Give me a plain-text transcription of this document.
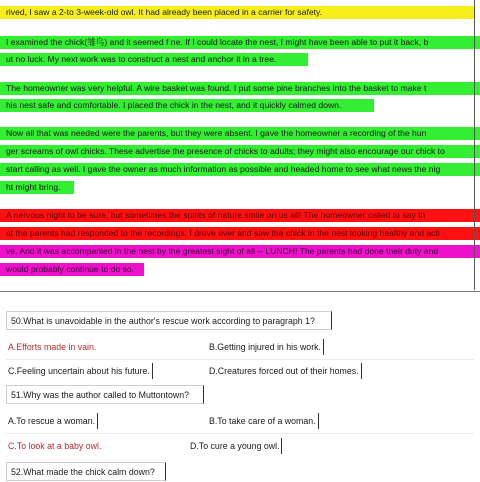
rived, I saw a 2-to 3-week-old owl. It had already been placed in a carrier for safety.
I examined the chick(雏鸟) and it seemed f ne. If I could locate the nest, I might have been able to put it back, b
ut no luck. My next work was to construct a nest and anchor it in a tree.
The homeowner was very helpful. A wire basket was found. I put some pine branches into the basket to make t
his nest safe and comfortable. I placed the chick in the nest, and it quickly calmed down.
Now all that was needed were the parents, but they were absent. I gave the homeowner a recording of the hun
ger screams of owl chicks. These advertise the presence of chicks to adults; they might also encourage our chick to
start calling as well. I gave the owner as much information as possible and headed home to see what news the nig
ht might bring.
A nervous night to be sure, but sometimes the spirits of nature smile on us all! The homeowner called to say th
at the parents had responded to the recordings. I drove over and saw the chick in the nest looking healthy and acti
ve. And it was accompanied in the nest by the greatest sight of all -- LUNCH! The parents had done their duty and
would probably continue to do so.
50.What is unavoidable in the author's rescue work according to paragraph 1?
A.Efforts made in vain.	B.Getting injured in his work.
C.Feeling uncertain about his future.	D.Creatures forced out of their homes.
51.Why was the author called to Muttontown?
A.To rescue a woman.	B.To take care of a woman.
C.To look at a baby owl.	D.To cure a young owl.
52.What made the chick calm down?
